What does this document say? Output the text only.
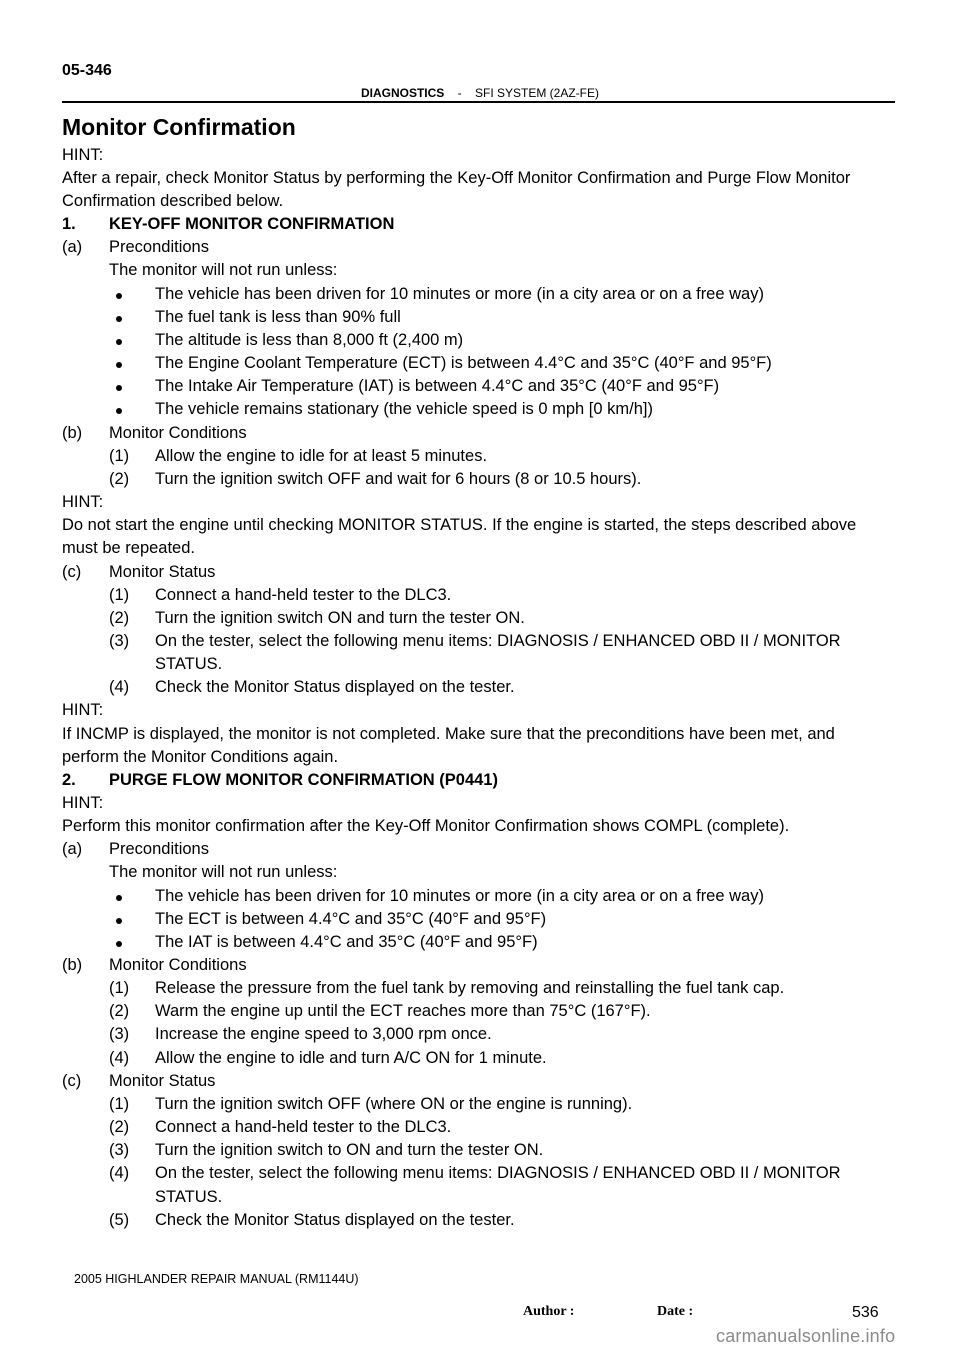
05-346
DIAGNOSTICS - SFI SYSTEM (2AZ-FE)
Monitor Confirmation
HINT:
After a repair, check Monitor Status by performing the Key-Off Monitor Confirmation and Purge Flow Monitor
Confirmation described below.
1. KEY-OFF MONITOR CONFIRMATION
(a) Preconditions
The monitor will not run unless:
The vehicle has been driven for 10 minutes or more (in a city area or on a free way)
The fuel tank is less than 90% full
The altitude is less than 8,000 ft (2,400 m)
The Engine Coolant Temperature (ECT) is between 4.4°C and 35°C (40°F and 95°F)
The Intake Air Temperature (IAT) is between 4.4°C and 35°C (40°F and 95°F)
The vehicle remains stationary (the vehicle speed is 0 mph [0 km/h])
(b) Monitor Conditions
(1) Allow the engine to idle for at least 5 minutes.
(2) Turn the ignition switch OFF and wait for 6 hours (8 or 10.5 hours).
HINT:
Do not start the engine until checking MONITOR STATUS. If the engine is started, the steps described above
must be repeated.
(c) Monitor Status
(1) Connect a hand-held tester to the DLC3.
(2) Turn the ignition switch ON and turn the tester ON.
(3) On the tester, select the following menu items: DIAGNOSIS / ENHANCED OBD II / MONITOR
STATUS.
(4) Check the Monitor Status displayed on the tester.
HINT:
If INCMP is displayed, the monitor is not completed. Make sure that the preconditions have been met, and
perform the Monitor Conditions again.
2. PURGE FLOW MONITOR CONFIRMATION (P0441)
HINT:
Perform this monitor confirmation after the Key-Off Monitor Confirmation shows COMPL (complete).
(a) Preconditions
The monitor will not run unless:
The vehicle has been driven for 10 minutes or more (in a city area or on a free way)
The ECT is between 4.4°C and 35°C (40°F and 95°F)
The IAT is between 4.4°C and 35°C (40°F and 95°F)
(b) Monitor Conditions
(1) Release the pressure from the fuel tank by removing and reinstalling the fuel tank cap.
(2) Warm the engine up until the ECT reaches more than 75°C (167°F).
(3) Increase the engine speed to 3,000 rpm once.
(4) Allow the engine to idle and turn A/C ON for 1 minute.
(c) Monitor Status
(1) Turn the ignition switch OFF (where ON or the engine is running).
(2) Connect a hand-held tester to the DLC3.
(3) Turn the ignition switch to ON and turn the tester ON.
(4) On the tester, select the following menu items: DIAGNOSIS / ENHANCED OBD II / MONITOR
STATUS.
(5) Check the Monitor Status displayed on the tester.
2005 HIGHLANDER REPAIR MANUAL (RM1144U)
Author :	Date :	536
carmanualsonline.info
